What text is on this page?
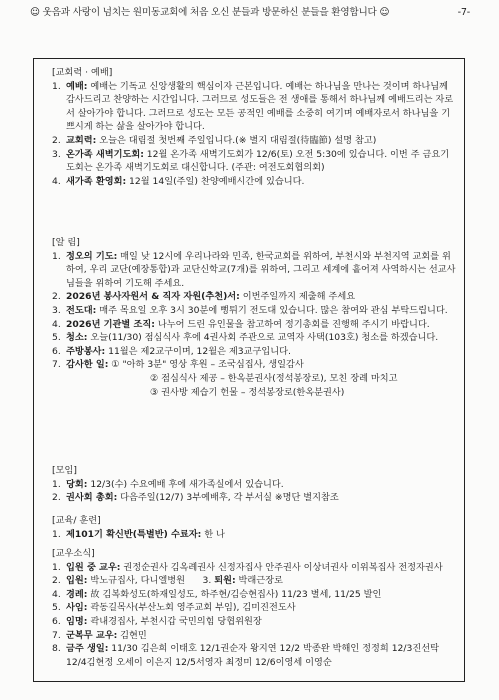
☺ 웃음과 사랑이 넘치는 원미동교회에 처음 오신 분들과 방문하신 분들을 환영합니다 ☺	-7-
[교회력 · 예배]
1. 예배: 예배는 기독교 신앙생활의 핵심이자 근본입니다. 예배는 하나님을 만나는 것이며 하나님께 감사드리고 찬양하는 시간입니다. 그러므로 성도들은 전 생애를 통해서 하나님께 예배드리는 자로서 살아가야 합니다. 그러므로 성도는 모든 공적인 예배를 소중히 여기며 예배자로서 하나님을 기쁘시게 하는 삶을 살아가야 합니다.
2. 교회력: 오늘은 대림절 첫번째 주일입니다.(※ 별지 대림절(待臨節) 설명 참고)
3. 온가족 새벽기도회: 12월 온가족 새벽기도회가 12/6(토) 오전 5:30에 있습니다. 이번 주 금요기도회는 온가족 새벽기도회로 대신합니다. (주관: 여전도회협의회)
4. 새가족 환영회: 12월 14일(주일) 찬양예배시간에 있습니다.
[알 림]
1. 정오의 기도: 매일 낮 12시에 우리나라와 민족, 한국교회를 위하여, 부천시와 부천지역 교회를 위하여, 우리 교단(예장통합)과 교단신학교(7개)를 위하여, 그리고 세계에 흩어져 사역하시는 선교사님들을 위하여 기도해 주세요.
2. 2026년 봉사자원서 & 직자 자원(추천)서: 이번주일까지 제출해 주세요
3. 전도대: 매주 목요일 오후 3시 30분에 뻥튀기 전도대 있습니다. 많은 참여와 관심 부탁드립니다.
4. 2026년 기관별 조직: 나누어 드린 유인물을 참고하여 정기총회를 진행해 주시기 바랍니다.
5. 청소: 오늘(11/30) 점심식사 후에 4권사회 주관으로 교역자 사택(103호) 청소를 하겠습니다.
6. 주방봉사: 11월은 제2교구이며, 12월은 제3교구입니다.
7. 감사한 일: ① "아하 3분" 영상 후원 – 조국심집사, 생일감사
② 점심식사 제공 – 한옥분권사(정석봉장로), 모친 장례 마치고
③ 권사방 제습기 헌물 – 정석봉장로(한옥분권사)
[모임]
1. 당회: 12/3(수) 수요예배 후에 새가족실에서 있습니다.
2. 권사회 총회: 다음주일(12/7) 3부예배후, 각 부서실 ※명단 별지참조
[교육/ 훈련]
1. 제101기 확신반(특별반) 수료자: 한 나
[교우소식]
1. 입원 중 교우: 권정순권사 김옥례권사 신정자집사 안주권사 이상녀권사 이위복집사 전정자권사
2. 입원: 박노규집사, 다니엘병원 3. 퇴원: 박래근장로
4. 경례: 故 김복화성도(하재일성도, 하주현/김승현집사) 11/23 별세, 11/25 발인
5. 사임: 곽동길목사(부산노회 영주교회 부임), 김미진전도사
6. 임명: 곽내경집사, 부천시갑 국민의힘 당협위원장
7. 군복무 교우: 김현민
8. 금주 생일: 11/30 김은희 이태호 12/1권순자 왕지연 12/2 박종완 박해인 정정희 12/3진선탁 12/4김현정 오세이 이은지 12/5서영자 최정미 12/6이영세 이영순
